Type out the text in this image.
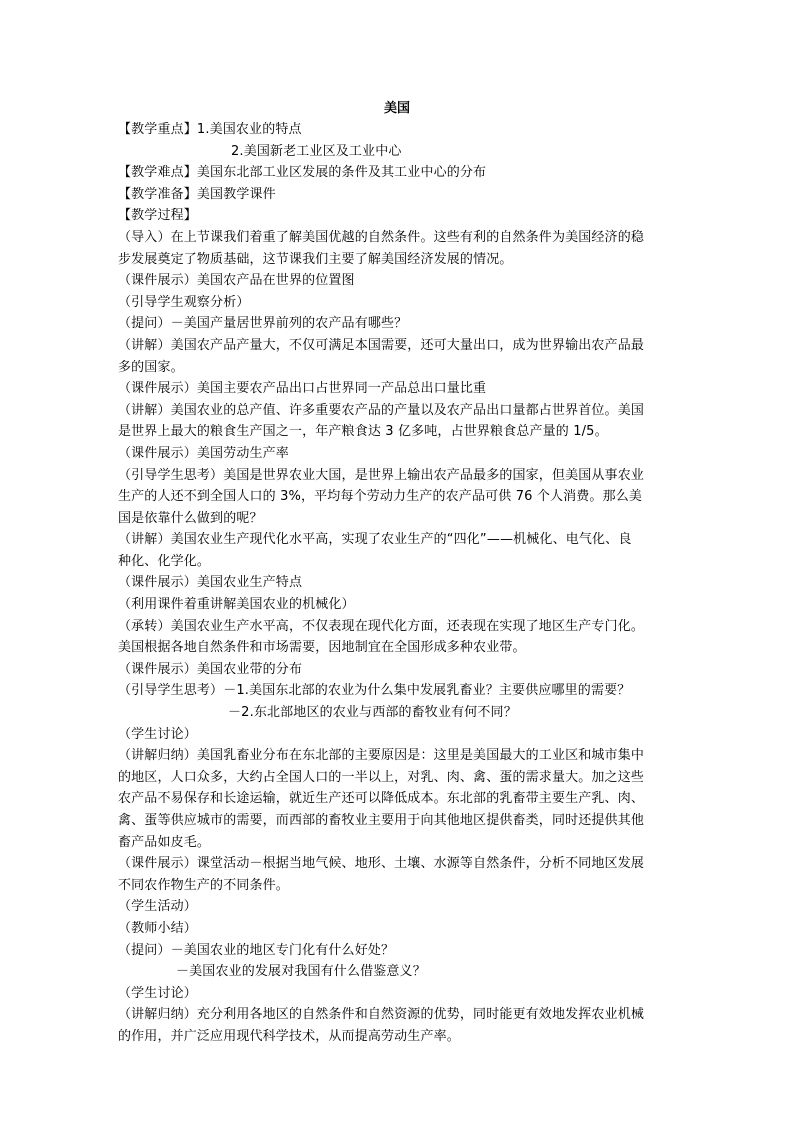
美国
【教学重点】1.美国农业的特点
2.美国新老工业区及工业中心
【教学难点】美国东北部工业区发展的条件及其工业中心的分布
【教学准备】美国教学课件
【教学过程】
（导入）在上节课我们着重了解美国优越的自然条件。这些有利的自然条件为美国经济的稳
步发展奠定了物质基础，这节课我们主要了解美国经济发展的情况。
（课件展示）美国农产品在世界的位置图
（引导学生观察分析）
（提问）－美国产量居世界前列的农产品有哪些？
（讲解）美国农产品产量大，不仅可满足本国需要，还可大量出口，成为世界输出农产品最
多的国家。
（课件展示）美国主要农产品出口占世界同一产品总出口量比重
（讲解）美国农业的总产值、许多重要农产品的产量以及农产品出口量都占世界首位。美国
是世界上最大的粮食生产国之一，年产粮食达 3 亿多吨，占世界粮食总产量的 1/5。
（课件展示）美国劳动生产率
（引导学生思考）美国是世界农业大国，是世界上输出农产品最多的国家，但美国从事农业
生产的人还不到全国人口的 3%，平均每个劳动力生产的农产品可供 76 个人消费。那么美
国是依靠什么做到的呢？
（讲解）美国农业生产现代化水平高，实现了农业生产的“四化”——机械化、电气化、良
种化、化学化。
（课件展示）美国农业生产特点
（利用课件着重讲解美国农业的机械化）
（承转）美国农业生产水平高，不仅表现在现代化方面，还表现在实现了地区生产专门化。
美国根据各地自然条件和市场需要，因地制宜在全国形成多种农业带。
（课件展示）美国农业带的分布
（引导学生思考）－1.美国东北部的农业为什么集中发展乳畜业？主要供应哪里的需要？
－2.东北部地区的农业与西部的畜牧业有何不同？
（学生讨论）
（讲解归纳）美国乳畜业分布在东北部的主要原因是：这里是美国最大的工业区和城市集中
的地区，人口众多，大约占全国人口的一半以上，对乳、肉、禽、蛋的需求量大。加之这些
农产品不易保存和长途运输，就近生产还可以降低成本。东北部的乳畜带主要生产乳、肉、
禽、蛋等供应城市的需要，而西部的畜牧业主要用于向其他地区提供畜类，同时还提供其他
畜产品如皮毛。
（课件展示）课堂活动－根据当地气候、地形、土壤、水源等自然条件，分析不同地区发展
不同农作物生产的不同条件。
（学生活动）
（教师小结）
（提问）－美国农业的地区专门化有什么好处？
－美国农业的发展对我国有什么借鉴意义？
（学生讨论）
（讲解归纳）充分利用各地区的自然条件和自然资源的优势，同时能更有效地发挥农业机械
的作用，并广泛应用现代科学技术，从而提高劳动生产率。
